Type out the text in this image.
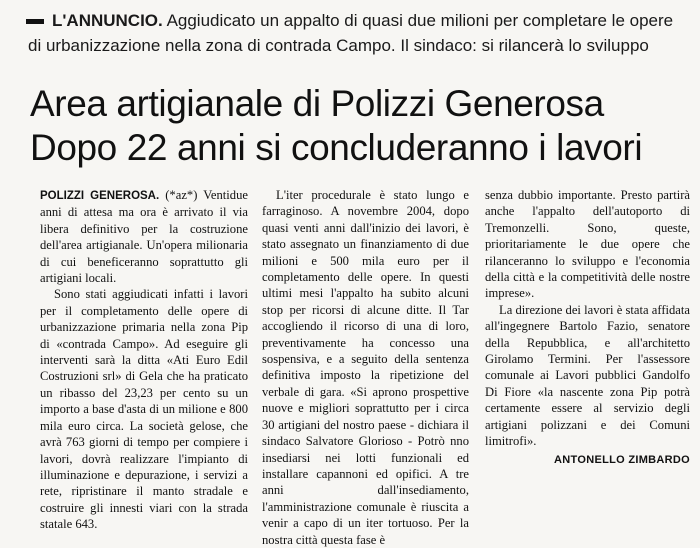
L'ANNUNCIO. Aggiudicato un appalto di quasi due milioni per completare le opere
di urbanizzazione nella zona di contrada Campo. Il sindaco: si rilancerà lo sviluppo
Area artigianale di Polizzi Generosa
Dopo 22 anni si concluderanno i lavori

POLIZZI GENEROSA. (*az*) Ventidue anni di attesa ma ora è arrivato il via libera definitivo per la costruzione dell'area artigianale. Un'opera milionaria di cui beneficeranno soprattutto gli artigiani locali.

Sono stati aggiudicati infatti i lavori per il completamento delle opere di urbanizzazione primaria nella zona Pip di «contrada Campo». Ad eseguire gli interventi sarà la ditta «Ati Euro Edil Costruzioni srl» di Gela che ha praticato un ribasso del 23,23 per cento su un importo a base d'asta di un milione e 800 mila euro circa. La società gelose, che avrà 763 giorni di tempo per compiere i lavori, dovrà realizzare l'impianto di illuminazione e depurazione, i servizi a rete, ripristinare il manto stradale e costruire gli innesti viari con la strada statale 643.

L'iter procedurale è stato lungo e farraginoso. A novembre 2004, dopo quasi venti anni dall'inizio dei lavori, è stato assegnato un finanziamento di due milioni e 500 mila euro per il completamento delle opere. In questi ultimi mesi l'appalto ha subito alcuni stop per ricorsi di alcune ditte. Il Tar accogliendo il ricorso di una di loro, preventivamente ha concesso una sospensiva, e a seguito della sentenza definitiva imposto la ripetizione del verbale di gara. «Si aprono prospettive nuove e migliori soprattutto per i circa 30 artigiani del nostro paese - dichiara il sindaco Salvatore Glorioso - Potrò nno insediarsi nei lotti funzionali ed installare capannoni ed opifici. A tre anni dall'insediamento, l'amministrazione comunale è riuscita a venir a capo di un iter tortuoso. Per la nostra città questa fase è

senza dubbio importante. Presto partirà anche l'appalto dell'autoporto di Tremonzelli. Sono, queste, prioritariamente le due opere che rilanceranno lo sviluppo e l'economia della città e la competitività delle nostre imprese».

La direzione dei lavori è stata affidata all'ingegnere Bartolo Fazio, senatore della Repubblica, e all'architetto Girolamo Termini. Per l'assessore comunale ai Lavori pubblici Gandolfo Di Fiore «la nascente zona Pip potrà certamente essere al servizio degli artigiani polizzani e dei Comuni limitrofi».

ANTONELLO ZIMBARDO
